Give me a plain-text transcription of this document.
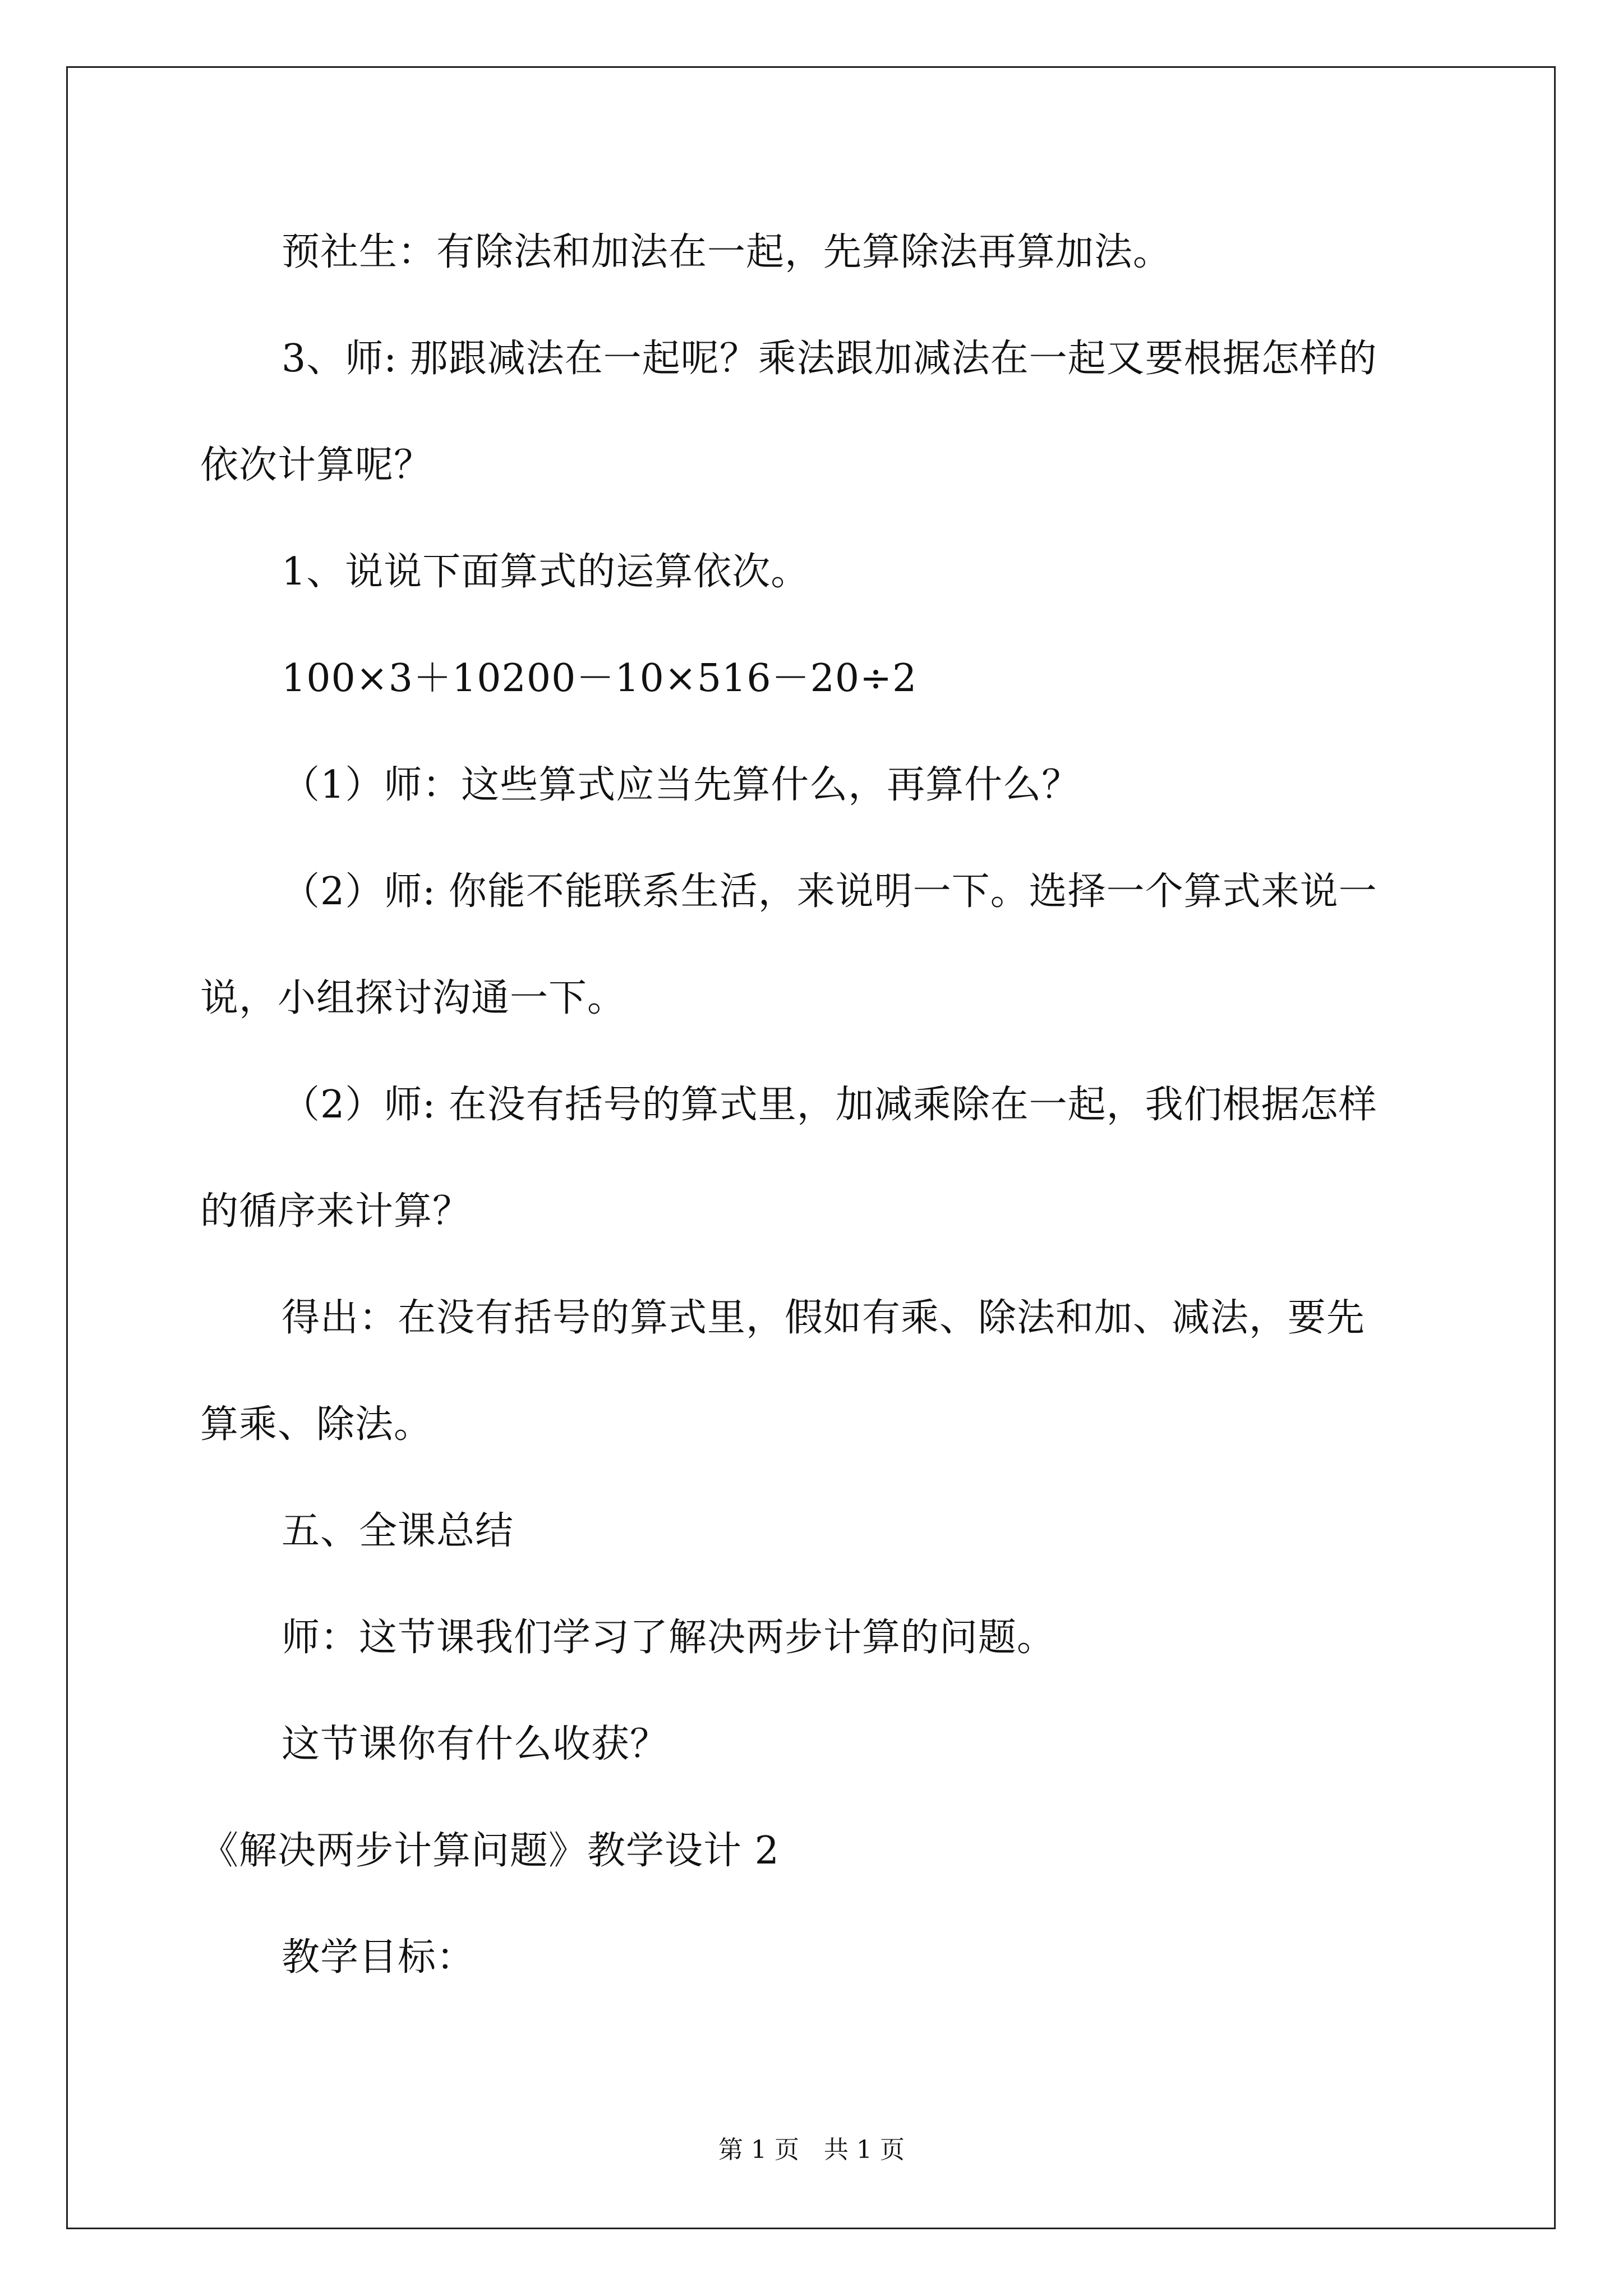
预社生：有除法和加法在一起，先算除法再算加法。
3、师: 那跟减法在一起呢？乘法跟加减法在一起又要根据怎样的
依次计算呢？
1、说说下面算式的运算依次。
100×3＋10200－10×516－20÷2
（1）师：这些算式应当先算什么，再算什么？
（2）师: 你能不能联系生活，来说明一下。选择一个算式来说一
说，小组探讨沟通一下。
（2）师: 在没有括号的算式里，加减乘除在一起，我们根据怎样
的循序来计算？
得出：在没有括号的算式里，假如有乘、除法和加、减法，要先
算乘、除法。
五、全课总结
师：这节课我们学习了解决两步计算的问题。
这节课你有什么收获？
《解决两步计算问题》教学设计 2
教学目标：
第 1 页　共 1 页
